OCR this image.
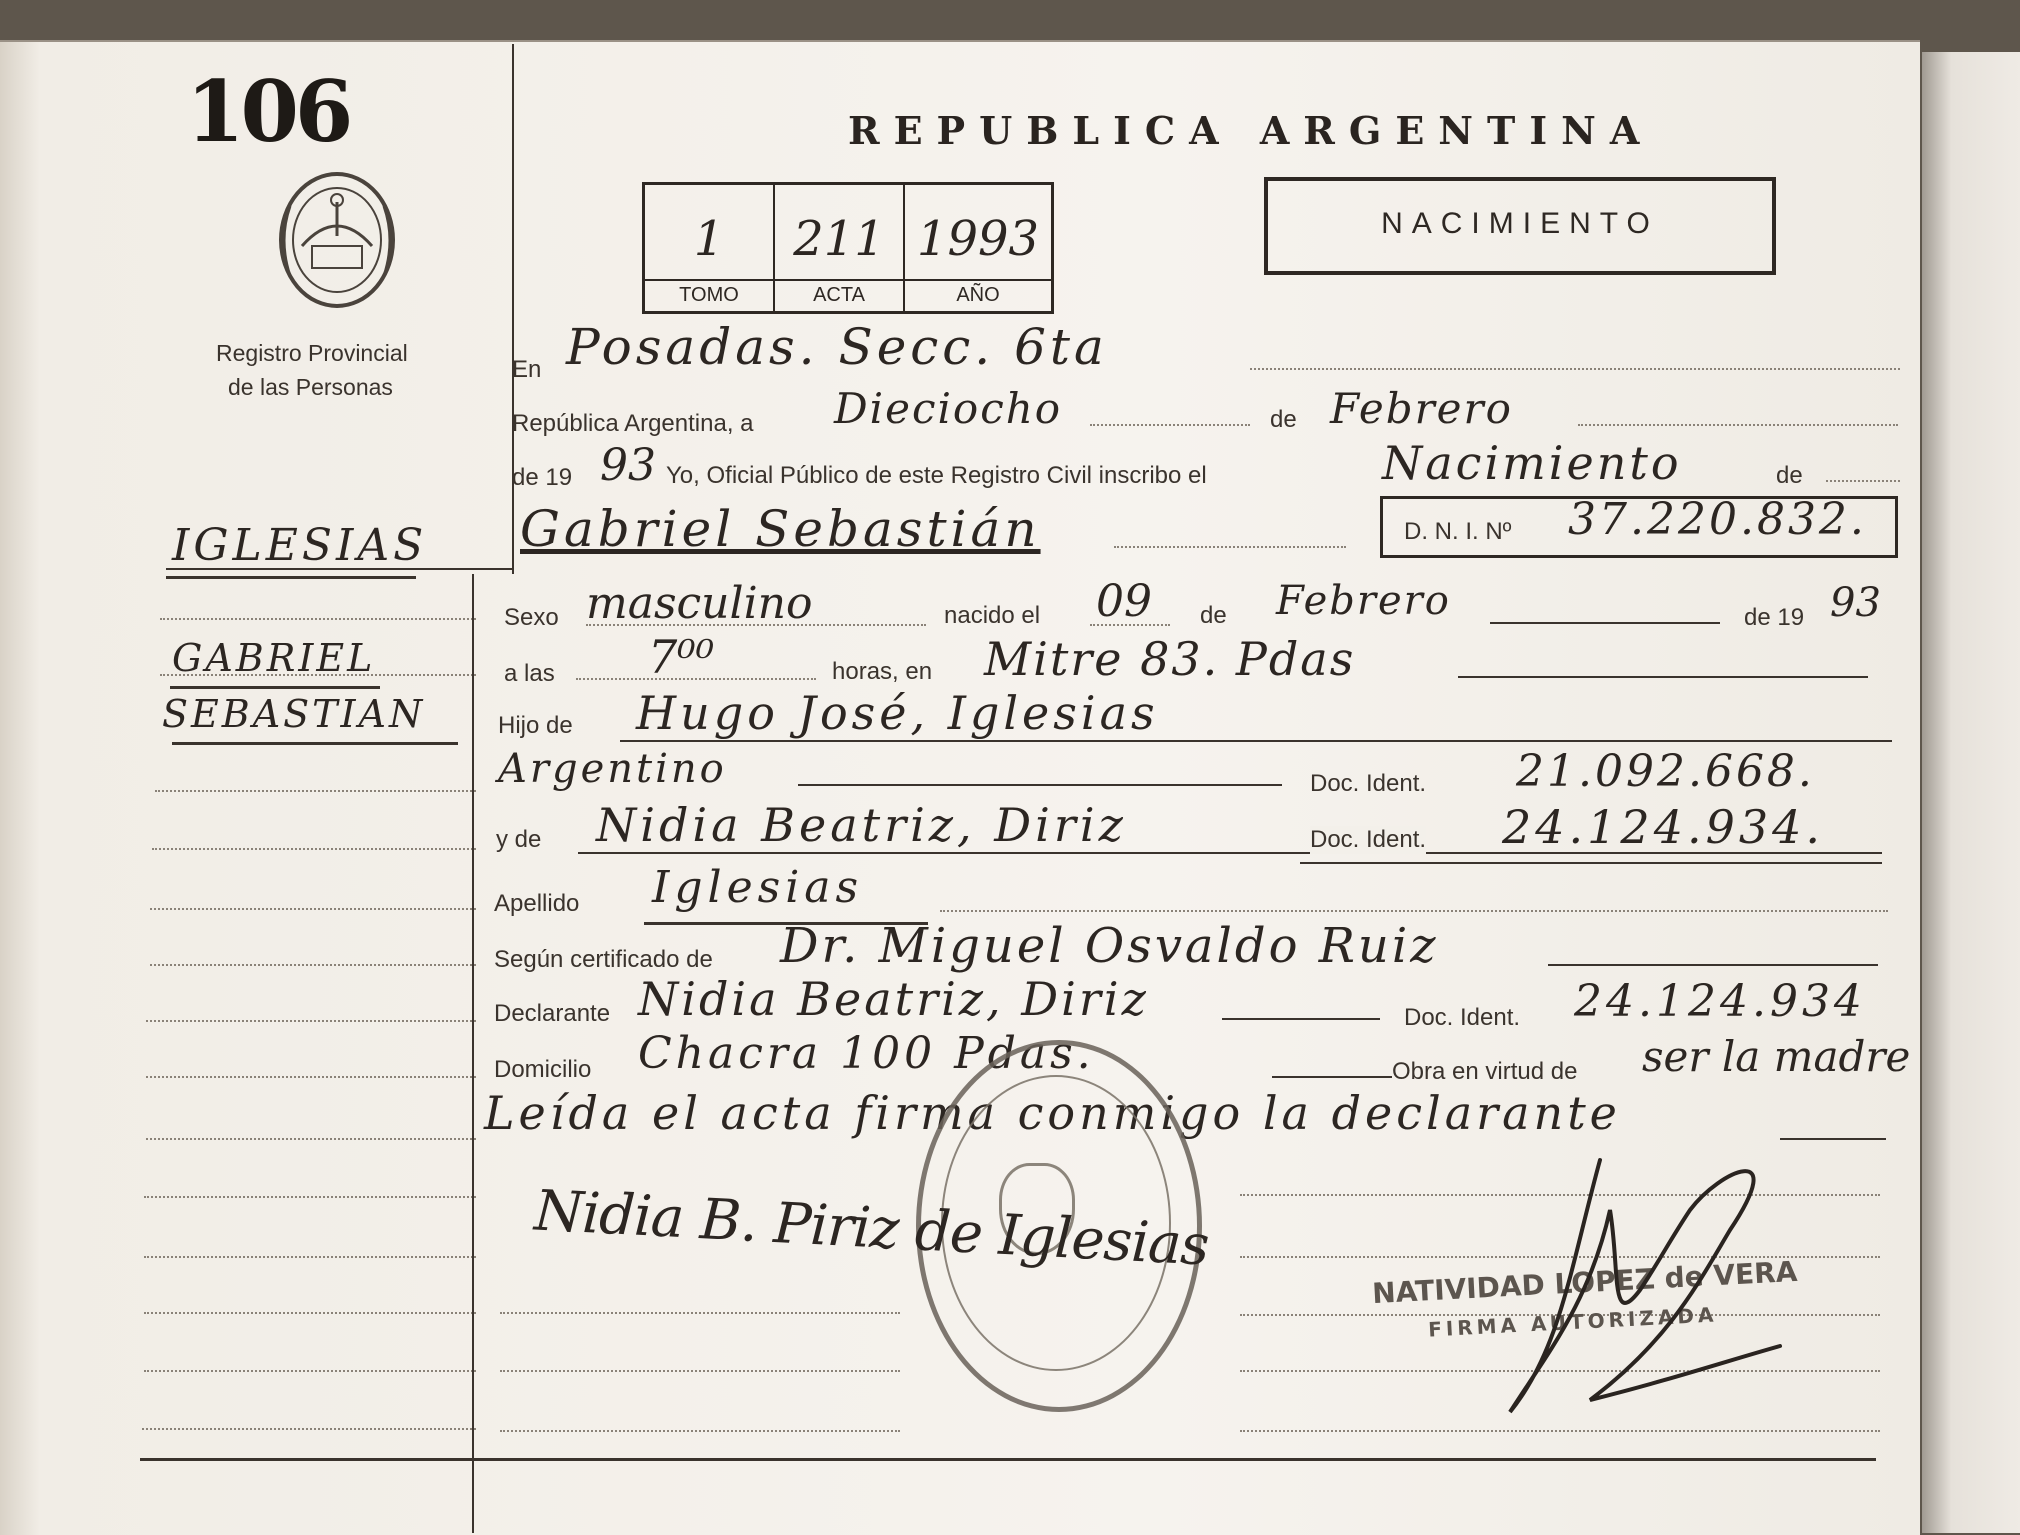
106
Registro Provincial
de las Personas
IGLESIAS
GABRIEL
SEBASTIAN
REPUBLICA ARGENTINA
1
TOMO
211
ACTA
1993
AÑO
NACIMIENTO
En Posadas. Secc. 6ta
República Argentina, a Dieciocho	de Febrero
de 19 93 Yo, Oficial Público de este Registro Civil inscribo el	Nacimiento	de
Gabriel Sebastián	D. N. I. Nº 37.220.832.
Sexo masculino	nacido el 09 de Febrero	de 19 93
a las 7⁰⁰	horas, en Mitre 83. Pdas
Hijo de Hugo José, Iglesias
Argentino	Doc. Ident. 21.092.668.
y de Nidia Beatriz, Diriz	Doc. Ident. 24.124.934.
Apellido Iglesias
Según certificado de Dr. Miguel Osvaldo Ruiz
Declarante Nidia Beatriz, Diriz	Doc. Ident. 24.124.934
Domicilio Chacra 100 Pdas.	Obra en virtud de ser la madre
Leída el acta firma conmigo la declarante
Nidia B. Piriz de Iglesias
NATIVIDAD LOPEZ de VERA
FIRMA AUTORIZADA
